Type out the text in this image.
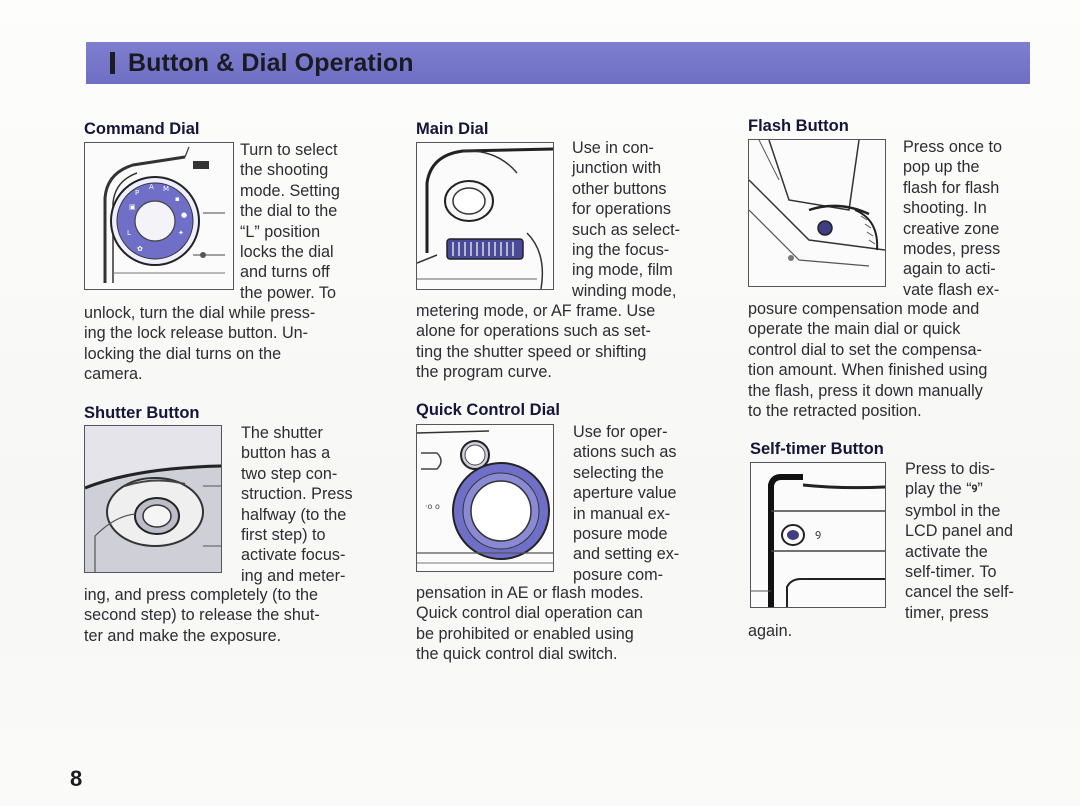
Button & Dial Operation
Command Dial
P
A M
▪
●
✦
▣
L
✿
Turn to select
the shooting
mode. Setting
the dial to the
“L” position
locks the dial
and turns off
the power. To
unlock, turn the dial while press-
ing the lock release button. Un-
locking the dial turns on the
camera.
Shutter Button
The shutter
button has a
two step con-
struction. Press
halfway (to the
first step) to
activate focus-
ing and meter-
ing, and press completely (to the
second step) to release the shut-
ter and make the exposure.
Main Dial
Use in con-
junction with
other buttons
for operations
such as select-
ing the focus-
ing mode, film
winding mode,
metering mode, or AF frame. Use
alone for operations such as set-
ting the shutter speed or shifting
the program curve.
Quick Control Dial
·o o
Use for oper-
ations such as
selecting the
aperture value
in manual ex-
posure mode
and setting ex-
posure com-
pensation in AE or flash modes.
Quick control dial operation can
be prohibited or enabled using
the quick control dial switch.
Flash Button
Press once to
pop up the
flash for flash
shooting. In
creative zone
modes, press
again to acti-
vate flash ex-
posure compensation mode and
operate the main dial or quick
control dial to set the compensa-
tion amount. When finished using
the flash, press it down manually
to the retracted position.
Self-timer Button
ꝰ
Press to dis-
play the “ꝰ”
symbol in the
LCD panel and
activate the
self-timer. To
cancel the self-
timer, press
again.
8
